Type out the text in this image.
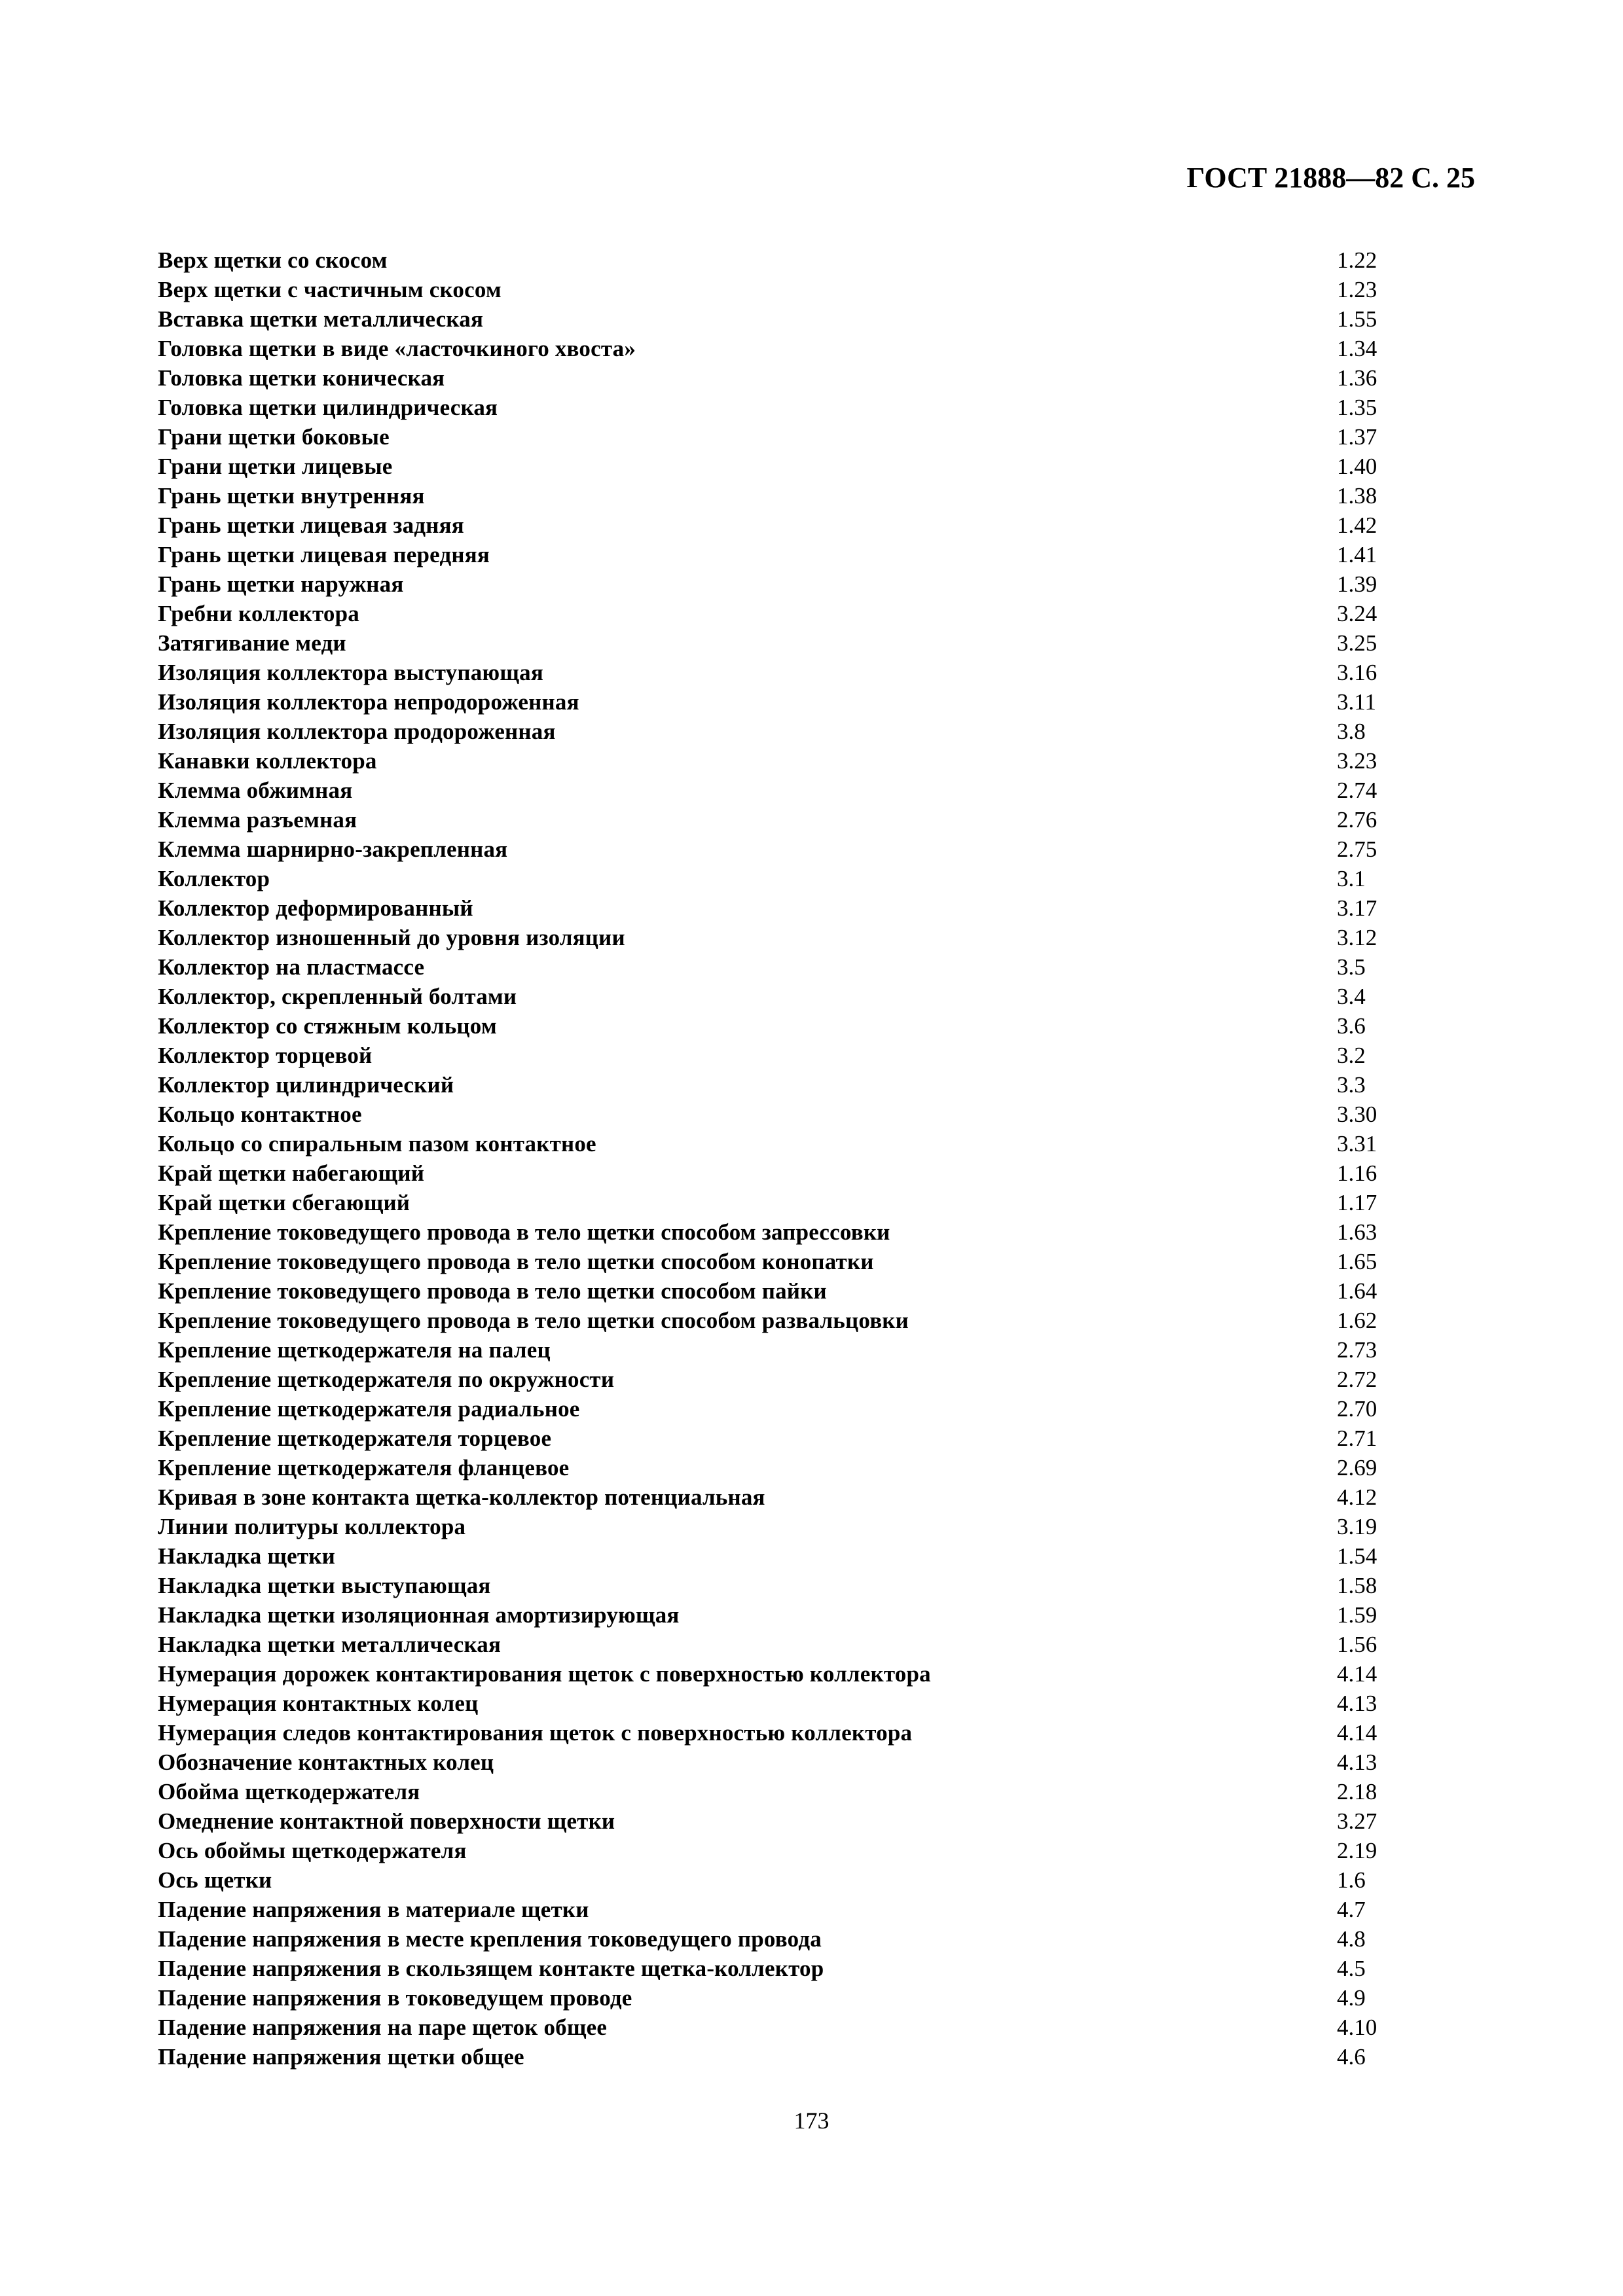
ГОСТ 21888—82 С. 25
Верх щетки со скосом	1.22
Верх щетки с частичным скосом	1.23
Вставка щетки металлическая	1.55
Головка щетки в виде «ласточкиного хвоста»	1.34
Головка щетки коническая	1.36
Головка щетки цилиндрическая	1.35
Грани щетки боковые	1.37
Грани щетки лицевые	1.40
Грань щетки внутренняя	1.38
Грань щетки лицевая задняя	1.42
Грань щетки лицевая передняя	1.41
Грань щетки наружная	1.39
Гребни коллектора	3.24
Затягивание меди	3.25
Изоляция коллектора выступающая	3.16
Изоляция коллектора непродороженная	3.11
Изоляция коллектора продороженная	3.8
Канавки коллектора	3.23
Клемма обжимная	2.74
Клемма разъемная	2.76
Клемма шарнирно-закрепленная	2.75
Коллектор	3.1
Коллектор деформированный	3.17
Коллектор изношенный до уровня изоляции	3.12
Коллектор на пластмассе	3.5
Коллектор, скрепленный болтами	3.4
Коллектор со стяжным кольцом	3.6
Коллектор торцевой	3.2
Коллектор цилиндрический	3.3
Кольцо контактное	3.30
Кольцо со спиральным пазом контактное	3.31
Край щетки набегающий	1.16
Край щетки сбегающий	1.17
Крепление токоведущего провода в тело щетки способом запрессовки	1.63
Крепление токоведущего провода в тело щетки способом конопатки	1.65
Крепление токоведущего провода в тело щетки способом пайки	1.64
Крепление токоведущего провода в тело щетки способом развальцовки	1.62
Крепление щеткодержателя на палец	2.73
Крепление щеткодержателя по окружности	2.72
Крепление щеткодержателя радиальное	2.70
Крепление щеткодержателя торцевое	2.71
Крепление щеткодержателя фланцевое	2.69
Кривая в зоне контакта щетка-коллектор потенциальная	4.12
Линии политуры коллектора	3.19
Накладка щетки	1.54
Накладка щетки выступающая	1.58
Накладка щетки изоляционная амортизирующая	1.59
Накладка щетки металлическая	1.56
Нумерация дорожек контактирования щеток с поверхностью коллектора	4.14
Нумерация контактных колец	4.13
Нумерация следов контактирования щеток с поверхностью коллектора	4.14
Обозначение контактных колец	4.13
Обойма щеткодержателя	2.18
Омеднение контактной поверхности щетки	3.27
Ось обоймы щеткодержателя	2.19
Ось щетки	1.6
Падение напряжения в материале щетки	4.7
Падение напряжения в месте крепления токоведущего провода	4.8
Падение напряжения в скользящем контакте щетка-коллектор	4.5
Падение напряжения в токоведущем проводе	4.9
Падение напряжения на паре щеток общее	4.10
Падение напряжения щетки общее	4.6
173
